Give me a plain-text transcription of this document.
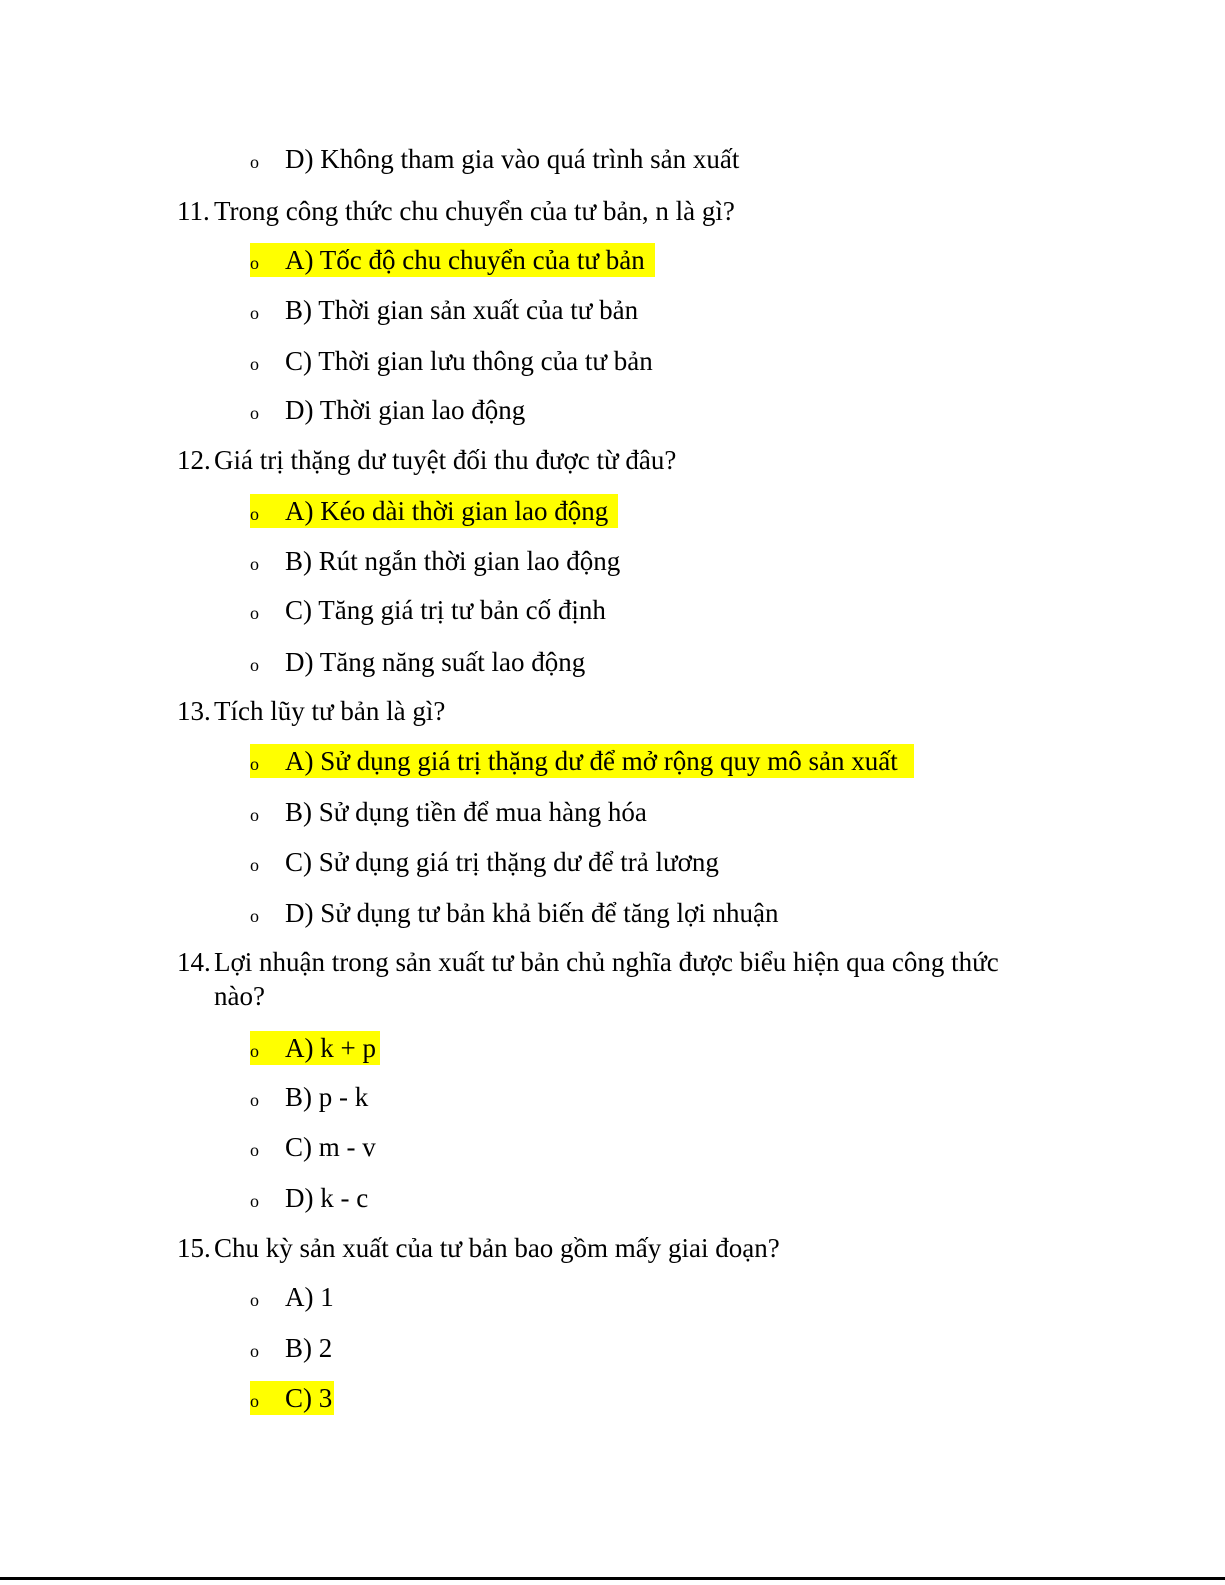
o D) Không tham gia vào quá trình sản xuất
11. Trong công thức chu chuyển của tư bản, n là gì?
o A) Tốc độ chu chuyển của tư bản
o B) Thời gian sản xuất của tư bản
o C) Thời gian lưu thông của tư bản
o D) Thời gian lao động
12. Giá trị thặng dư tuyệt đối thu được từ đâu?
o A) Kéo dài thời gian lao động
o B) Rút ngắn thời gian lao động
o C) Tăng giá trị tư bản cố định
o D) Tăng năng suất lao động
13. Tích lũy tư bản là gì?
o A) Sử dụng giá trị thặng dư để mở rộng quy mô sản xuất
o B) Sử dụng tiền để mua hàng hóa
o C) Sử dụng giá trị thặng dư để trả lương
o D) Sử dụng tư bản khả biến để tăng lợi nhuận
14. Lợi nhuận trong sản xuất tư bản chủ nghĩa được biểu hiện qua công thức
nào?
o A) k + p
o B) p - k
o C) m - v
o D) k - c
15. Chu kỳ sản xuất của tư bản bao gồm mấy giai đoạn?
o A) 1
o B) 2
o C) 3
